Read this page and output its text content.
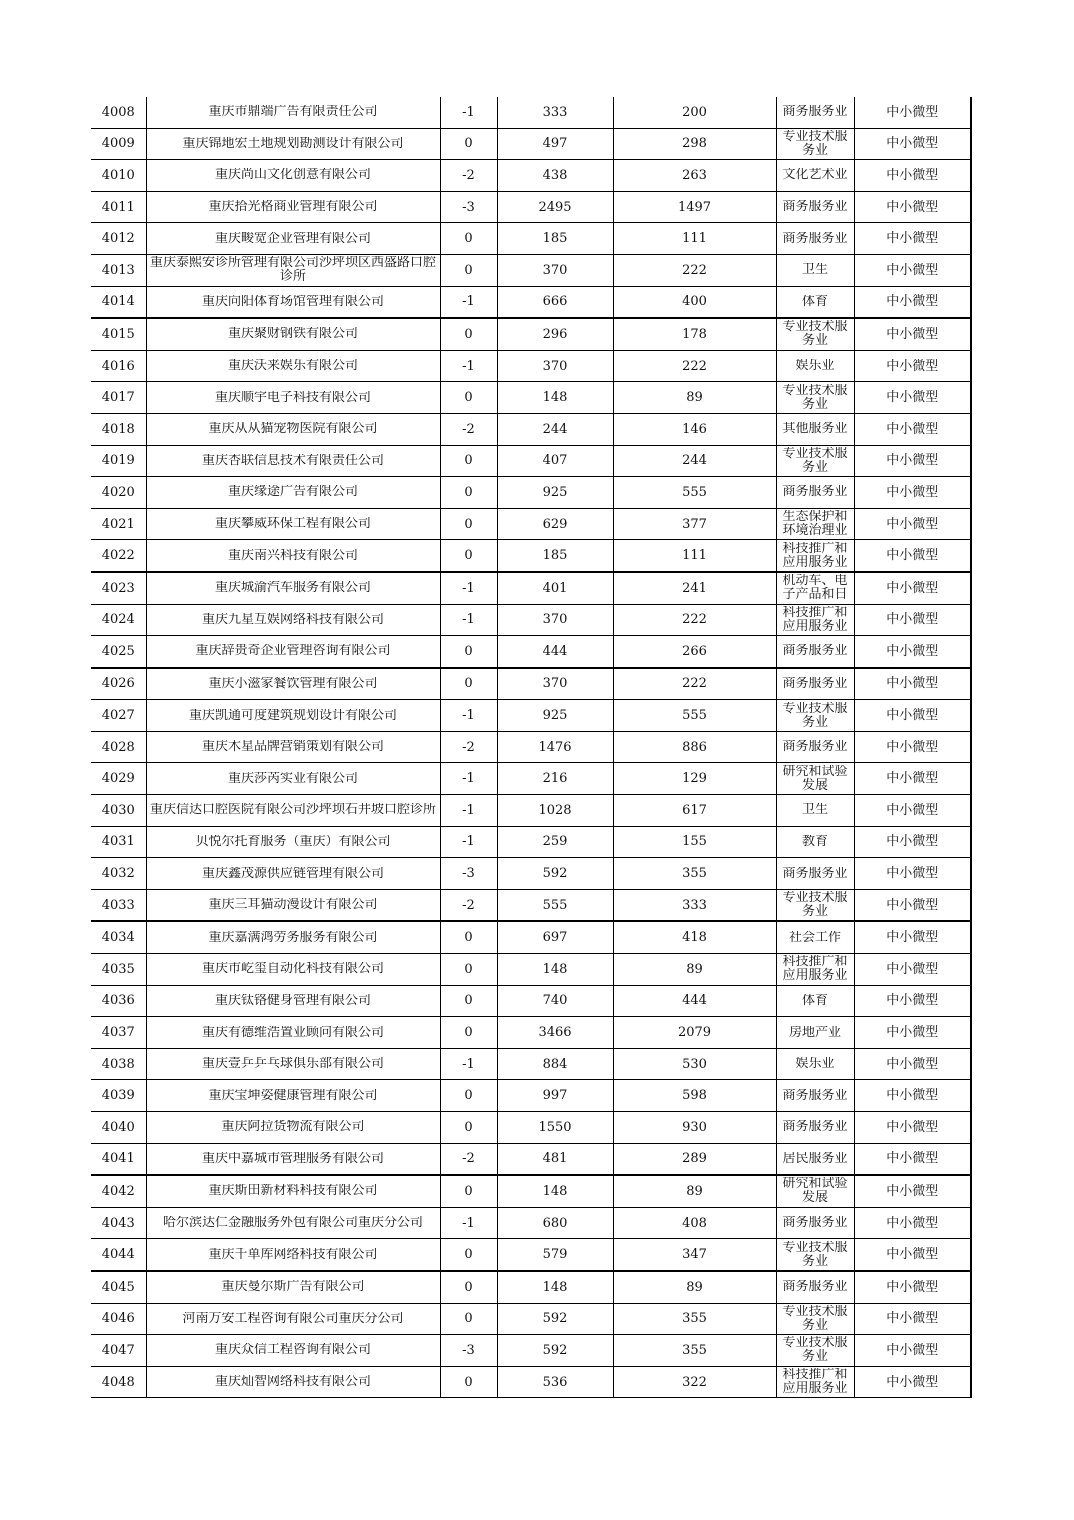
4008	重庆市鼎端广告有限责任公司	-1	333	200	商务服务业	中小微型

4009	重庆锦地宏土地规划勘测设计有限公司	0	497	298	专业技术服务业	中小微型

4010	重庆尚山文化创意有限公司	-2	438	263	文化艺术业	中小微型

4011	重庆拾光格商业管理有限公司	-3	2495	1497	商务服务业	中小微型

4012	重庆畯宽企业管理有限公司	0	185	111	商务服务业	中小微型

4013	重庆泰熙安诊所管理有限公司沙坪坝区西盛路口腔诊所	0	370	222	卫生	中小微型

4014	重庆向阳体育场馆管理有限公司	-1	666	400	体育	中小微型

4015	重庆聚财钢铁有限公司	0	296	178	专业技术服务业	中小微型

4016	重庆沃来娱乐有限公司	-1	370	222	娱乐业	中小微型

4017	重庆顺宇电子科技有限公司	0	148	89	专业技术服务业	中小微型

4018	重庆从从猫宠物医院有限公司	-2	244	146	其他服务业	中小微型

4019	重庆杏联信息技术有限责任公司	0	407	244	专业技术服务业	中小微型

4020	重庆缘途广告有限公司	0	925	555	商务服务业	中小微型

4021	重庆攀威环保工程有限公司	0	629	377	生态保护和环境治理业	中小微型

4022	重庆南兴科技有限公司	0	185	111	科技推广和应用服务业	中小微型

4023	重庆城渝汽车服务有限公司	-1	401	241	机动车、电子产品和日	中小微型

4024	重庆九星互娱网络科技有限公司	-1	370	222	科技推广和应用服务业	中小微型

4025	重庆辞贵奇企业管理咨询有限公司	0	444	266	商务服务业	中小微型

4026	重庆小滋家餐饮管理有限公司	0	370	222	商务服务业	中小微型

4027	重庆凯通可度建筑规划设计有限公司	-1	925	555	专业技术服务业	中小微型

4028	重庆木星品牌营销策划有限公司	-2	1476	886	商务服务业	中小微型

4029	重庆莎芮实业有限公司	-1	216	129	研究和试验发展	中小微型

4030	重庆信达口腔医院有限公司沙坪坝石井坡口腔诊所	-1	1028	617	卫生	中小微型

4031	贝悦尔托育服务（重庆）有限公司	-1	259	155	教育	中小微型

4032	重庆鑫茂源供应链管理有限公司	-3	592	355	商务服务业	中小微型

4033	重庆三耳猫动漫设计有限公司	-2	555	333	专业技术服务业	中小微型

4034	重庆嘉满鸿劳务服务有限公司	0	697	418	社会工作	中小微型

4035	重庆市屹玺自动化科技有限公司	0	148	89	科技推广和应用服务业	中小微型

4036	重庆钛铬健身管理有限公司	0	740	444	体育	中小微型

4037	重庆有德维浩置业顾问有限公司	0	3466	2079	房地产业	中小微型

4038	重庆壹乒乒乓球俱乐部有限公司	-1	884	530	娱乐业	中小微型

4039	重庆宝坤姿健康管理有限公司	0	997	598	商务服务业	中小微型

4040	重庆阿拉货物流有限公司	0	1550	930	商务服务业	中小微型

4041	重庆中嘉城市管理服务有限公司	-2	481	289	居民服务业	中小微型

4042	重庆斯田新材料科技有限公司	0	148	89	研究和试验发展	中小微型

4043	哈尔滨达仁金融服务外包有限公司重庆分公司	-1	680	408	商务服务业	中小微型

4044	重庆千单库网络科技有限公司	0	579	347	专业技术服务业	中小微型

4045	重庆曼尔斯广告有限公司	0	148	89	商务服务业	中小微型

4046	河南万安工程咨询有限公司重庆分公司	0	592	355	专业技术服务业	中小微型

4047	重庆众信工程咨询有限公司	-3	592	355	专业技术服务业	中小微型

4048	重庆灿智网络科技有限公司	0	536	322	科技推广和应用服务业	中小微型
